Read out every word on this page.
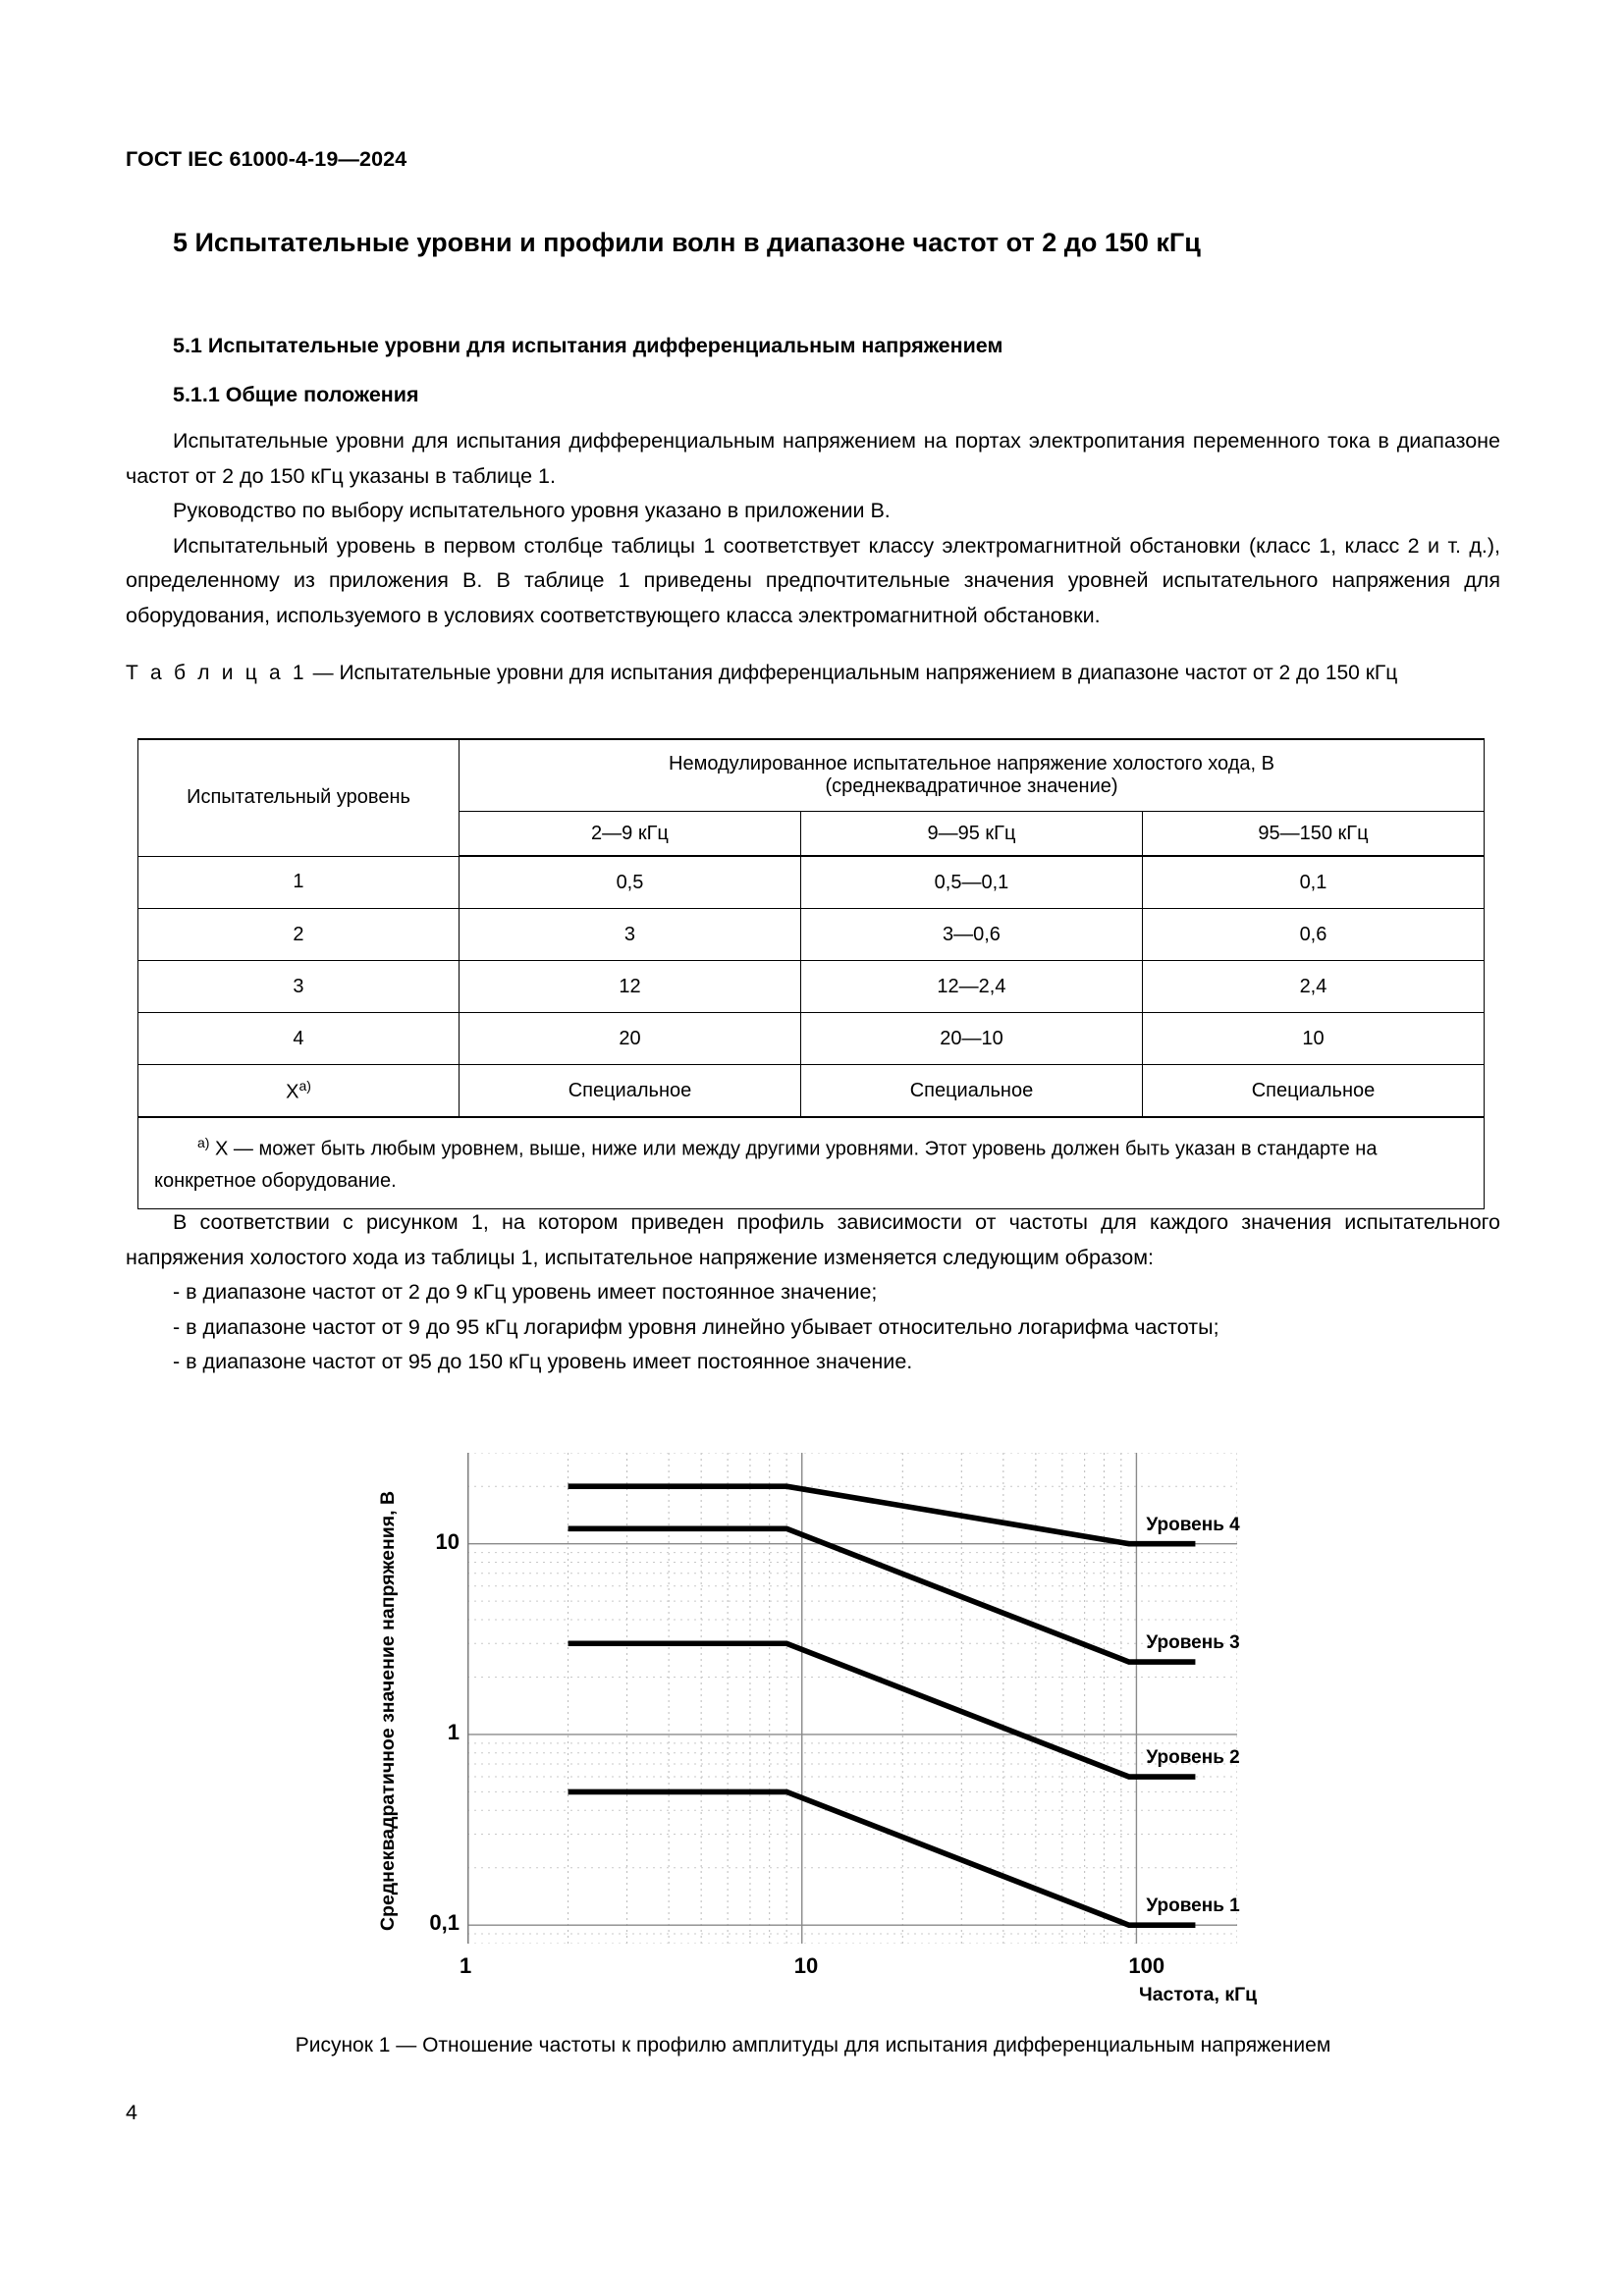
ГОСТ IEC 61000-4-19—2024
5 Испытательные уровни и профили волн в диапазоне частот от 2 до 150 кГц
5.1 Испытательные уровни для испытания дифференциальным напряжением
5.1.1 Общие положения

Испытательные уровни для испытания дифференциальным напряжением на портах электропитания переменного тока в диапазоне частот от 2 до 150 кГц указаны в таблице 1.

Руководство по выбору испытательного уровня указано в приложении В.

Испытательный уровень в первом столбце таблицы 1 соответствует классу электромагнитной обстановки (класс 1, класс 2 и т. д.), определенному из приложения В. В таблице 1 приведены предпочтительные значения уровней испытательного напряжения для оборудования, используемого в условиях соответствующего класса электромагнитной обстановки.

Т а б л и ц а 1 — Испытательные уровни для испытания дифференциальным напряжением в диапазоне частот от 2 до 150 кГц
Испытательный уровень	Немодулированное испытательное напряжение холостого хода, В
(среднеквадратичное значение)		

	2—9 кГц	9—95 кГц	95—150 кГц
1	0,5	0,5—0,1	0,1
2	3	3—0,6	0,6
3	12	12—2,4	2,4
4	20	20—10	10
$X^{a)}$	Специальное	Специальное	Специальное
$^{a)}$ X — может быть любым уровнем, выше, ниже или между другими уровнями. Этот уровень должен быть указан в стандарте на конкретное оборудование.			

В соответствии с рисунком 1, на котором приведен профиль зависимости от частоты для каждого значения испытательного напряжения холостого хода из таблицы 1, испытательное напряжение изменяется следующим образом:

- в диапазоне частот от 2 до 9 кГц уровень имеет постоянное значение;

- в диапазоне частот от 9 до 95 кГц логарифм уровня линейно убывает относительно логарифма частоты;

- в диапазоне частот от 95 до 150 кГц уровень имеет постоянное значение.

Среднеквадратичное значение напряжения, В	10
1
0,1
1	10	100
Частота, кГц
Уровень 4
Уровень 3
Уровень 2
Уровень 1
Рисунок 1 — Отношение частоты к профилю амплитуды для испытания дифференциальным напряжением
4
